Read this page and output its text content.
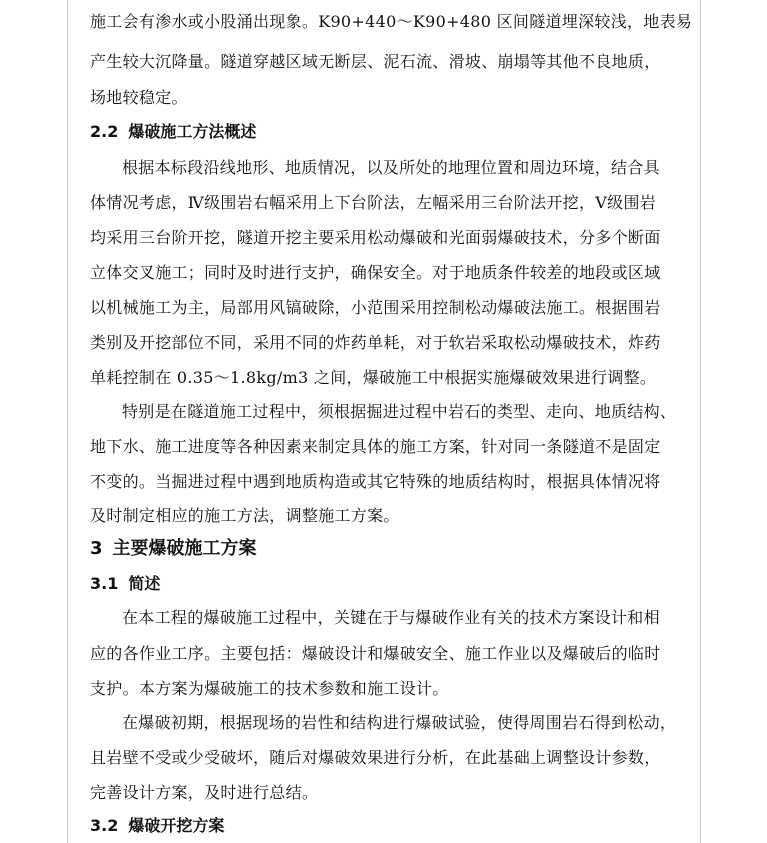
施工会有渗水或小股涌出现象。K90+440～K90+480 区间隧道埋深较浅，地表易
产生较大沉降量。隧道穿越区域无断层、泥石流、滑坡、崩塌等其他不良地质，
场地较稳定。
2.2 爆破施工方法概述
根据本标段沿线地形、地质情况，以及所处的地理位置和周边环境，结合具
体情况考虑，Ⅳ级围岩右幅采用上下台阶法，左幅采用三台阶法开挖，Ⅴ级围岩
均采用三台阶开挖，隧道开挖主要采用松动爆破和光面弱爆破技术，分多个断面
立体交叉施工；同时及时进行支护，确保安全。对于地质条件较差的地段或区域
以机械施工为主，局部用风镐破除，小范围采用控制松动爆破法施工。根据围岩
类别及开挖部位不同，采用不同的炸药单耗，对于软岩采取松动爆破技术，炸药
单耗控制在 0.35～1.8kg/m3 之间，爆破施工中根据实施爆破效果进行调整。
特别是在隧道施工过程中，须根据掘进过程中岩石的类型、走向、地质结构、
地下水、施工进度等各种因素来制定具体的施工方案，针对同一条隧道不是固定
不变的。当掘进过程中遇到地质构造或其它特殊的地质结构时，根据具体情况将
及时制定相应的施工方法，调整施工方案。
3 主要爆破施工方案
3.1 简述
在本工程的爆破施工过程中，关键在于与爆破作业有关的技术方案设计和相
应的各作业工序。主要包括：爆破设计和爆破安全、施工作业以及爆破后的临时
支护。本方案为爆破施工的技术参数和施工设计。
在爆破初期，根据现场的岩性和结构进行爆破试验，使得周围岩石得到松动，
且岩壁不受或少受破坏，随后对爆破效果进行分析，在此基础上调整设计参数，
完善设计方案，及时进行总结。
3.2 爆破开挖方案
